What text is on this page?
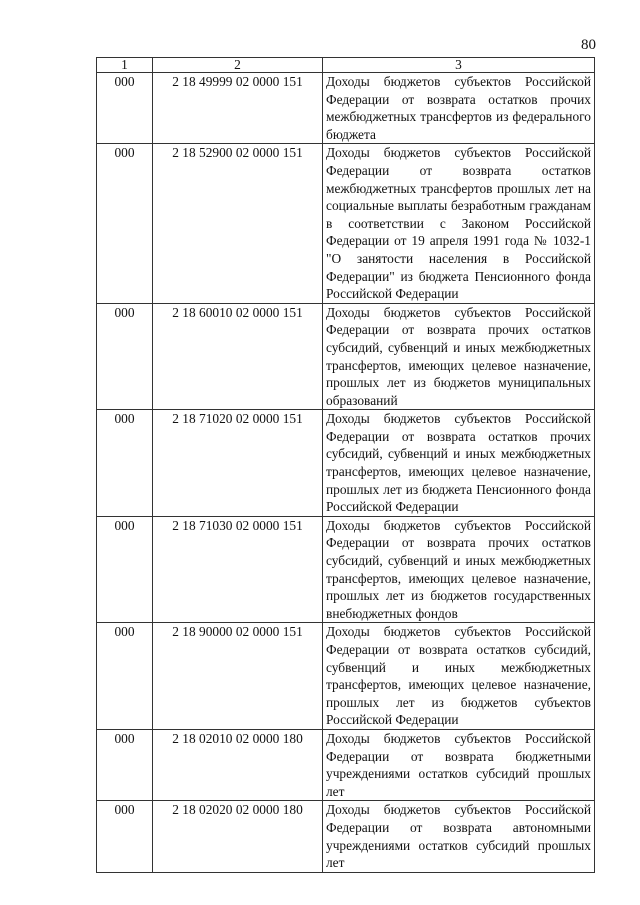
80
1	2	3
000	2 18 49999 02 0000 151	Доходы бюджетов субъектов Российской Федерации от возврата остатков прочих межбюджетных трансфертов из федерального бюджета
000	2 18 52900 02 0000 151	Доходы бюджетов субъектов Российской Федерации от возврата остатков межбюджетных трансфертов прошлых лет на социальные выплаты безработным гражданам в соответствии с Законом Российской Федерации от 19 апреля 1991 года № 1032-1 "О занятости населения в Российской Федерации" из бюджета Пенсионного фонда Российской Федерации
000	2 18 60010 02 0000 151	Доходы бюджетов субъектов Российской Федерации от возврата прочих остатков субсидий, субвенций и иных межбюджетных трансфертов, имеющих целевое назначение, прошлых лет из бюджетов муниципальных образований
000	2 18 71020 02 0000 151	Доходы бюджетов субъектов Российской Федерации от возврата остатков прочих субсидий, субвенций и иных межбюджетных трансфертов, имеющих целевое назначение, прошлых лет из бюджета Пенсионного фонда Российской Федерации
000	2 18 71030 02 0000 151	Доходы бюджетов субъектов Российской Федерации от возврата прочих остатков субсидий, субвенций и иных межбюджетных трансфертов, имеющих целевое назначение, прошлых лет из бюджетов государственных внебюджетных фондов
000	2 18 90000 02 0000 151	Доходы бюджетов субъектов Российской Федерации от возврата остатков субсидий, субвенций и иных межбюджетных трансфертов, имеющих целевое назначение, прошлых лет из бюджетов субъектов Российской Федерации
000	2 18 02010 02 0000 180	Доходы бюджетов субъектов Российской Федерации от возврата бюджетными учреждениями остатков субсидий прошлых лет
000	2 18 02020 02 0000 180	Доходы бюджетов субъектов Российской Федерации от возврата автономными учреждениями остатков субсидий прошлых лет
